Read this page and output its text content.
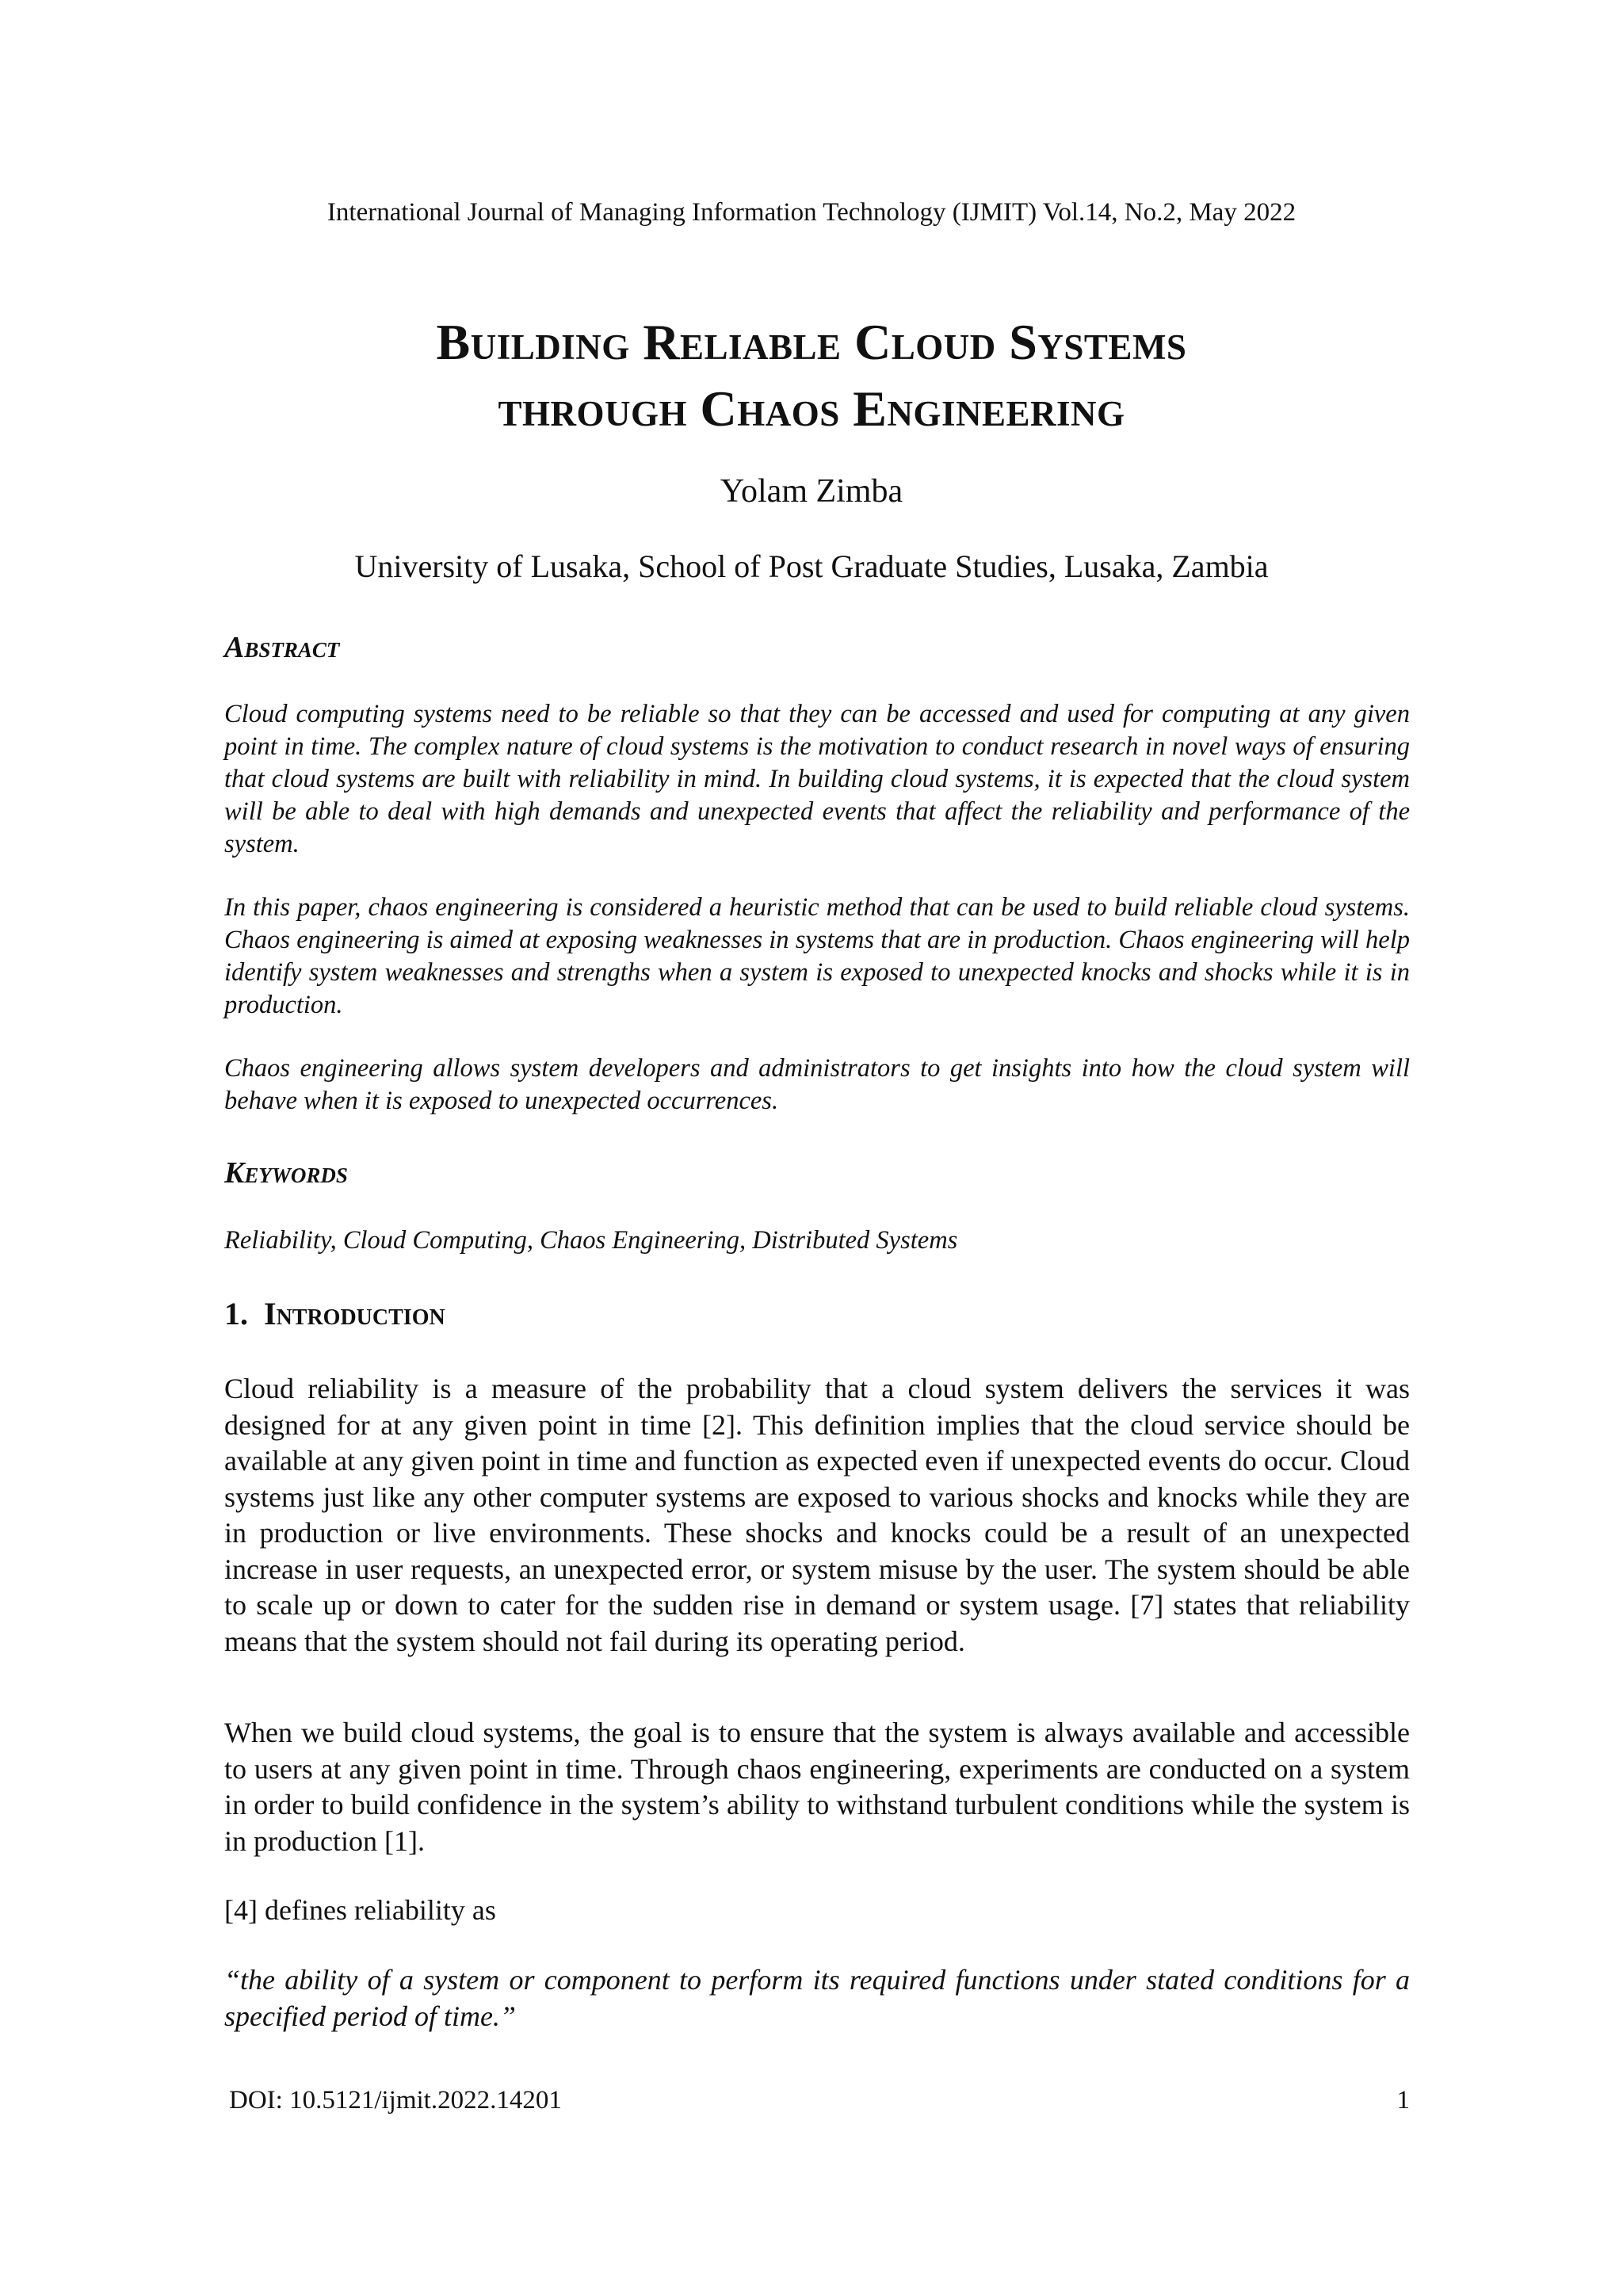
International Journal of Managing Information Technology (IJMIT) Vol.14, No.2, May 2022
Building Reliable Cloud Systems
through Chaos Engineering
Yolam Zimba
University of Lusaka, School of Post Graduate Studies, Lusaka, Zambia
Abstract

Cloud computing systems need to be reliable so that they can be accessed and used for computing at any given point in time. The complex nature of cloud systems is the motivation to conduct research in novel ways of ensuring that cloud systems are built with reliability in mind. In building cloud systems, it is expected that the cloud system will be able to deal with high demands and unexpected events that affect the reliability and performance of the system.

In this paper, chaos engineering is considered a heuristic method that can be used to build reliable cloud systems. Chaos engineering is aimed at exposing weaknesses in systems that are in production. Chaos engineering will help identify system weaknesses and strengths when a system is exposed to unexpected knocks and shocks while it is in production.

Chaos engineering allows system developers and administrators to get insights into how the cloud system will behave when it is exposed to unexpected occurrences.

Keywords

Reliability, Cloud Computing, Chaos Engineering, Distributed Systems

1.  Introduction

Cloud reliability is a measure of the probability that a cloud system delivers the services it was designed for at any given point in time [2]. This definition implies that the cloud service should be available at any given point in time and function as expected even if unexpected events do occur. Cloud systems just like any other computer systems are exposed to various shocks and knocks while they are in production or live environments. These shocks and knocks could be a result of an unexpected increase in user requests, an unexpected error, or system misuse by the user. The system should be able to scale up or down to cater for the sudden rise in demand or system usage. [7] states that reliability means that the system should not fail during its operating period.

When we build cloud systems, the goal is to ensure that the system is always available and accessible to users at any given point in time. Through chaos engineering, experiments are conducted on a system in order to build confidence in the system’s ability to withstand turbulent conditions while the system is in production [1].

[4] defines reliability as

“the ability of a system or component to perform its required functions under stated conditions for a specified period of time.”

DOI: 10.5121/ijmit.2022.14201	1
